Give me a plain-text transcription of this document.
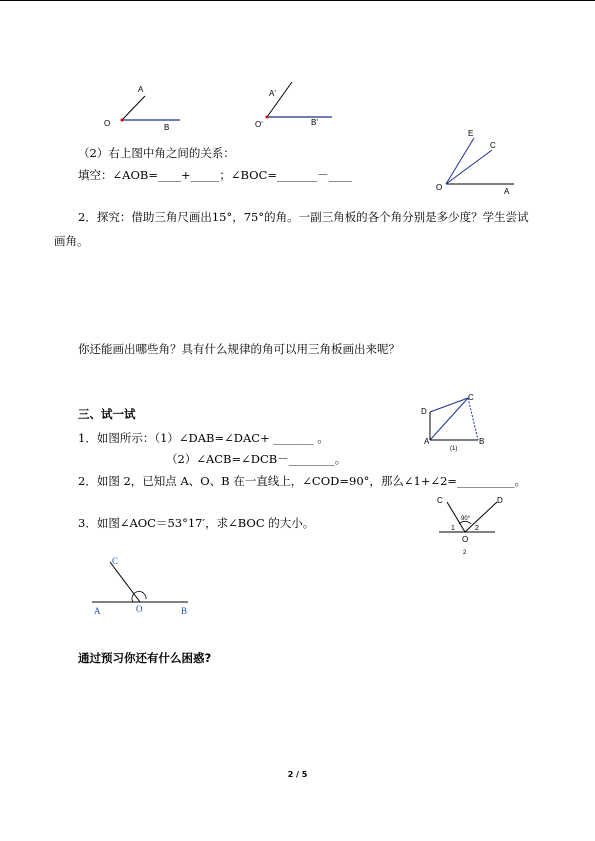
A
O	B
A'
O'	B'
E
C
O	A
（2）右上图中角之间的关系：
填空：∠AOB=____+_____；∠BOC=_______－____
2．探究：借助三角尺画出15°，75°的角。一副三角板的各个角分别是多少度？学生尝试
画角。
你还能画出哪些角？具有什么规律的角可以用三角板画出来呢？
三、试一试	D
C
A	B
(1)
1．如图所示：（1）∠DAB=∠DAC+ _______ 。
（2）∠ACB=∠DCB－________。
2．如图 2，已知点 A、O、B 在一直线上，∠COD=90°，那么∠1+∠2=__________。
C	D
90°
1	2
O
2
3．如图∠AOC＝53°17′，求∠BOC 的大小。
C
A	O	B
通过预习你还有什么困惑?
2 / 5
